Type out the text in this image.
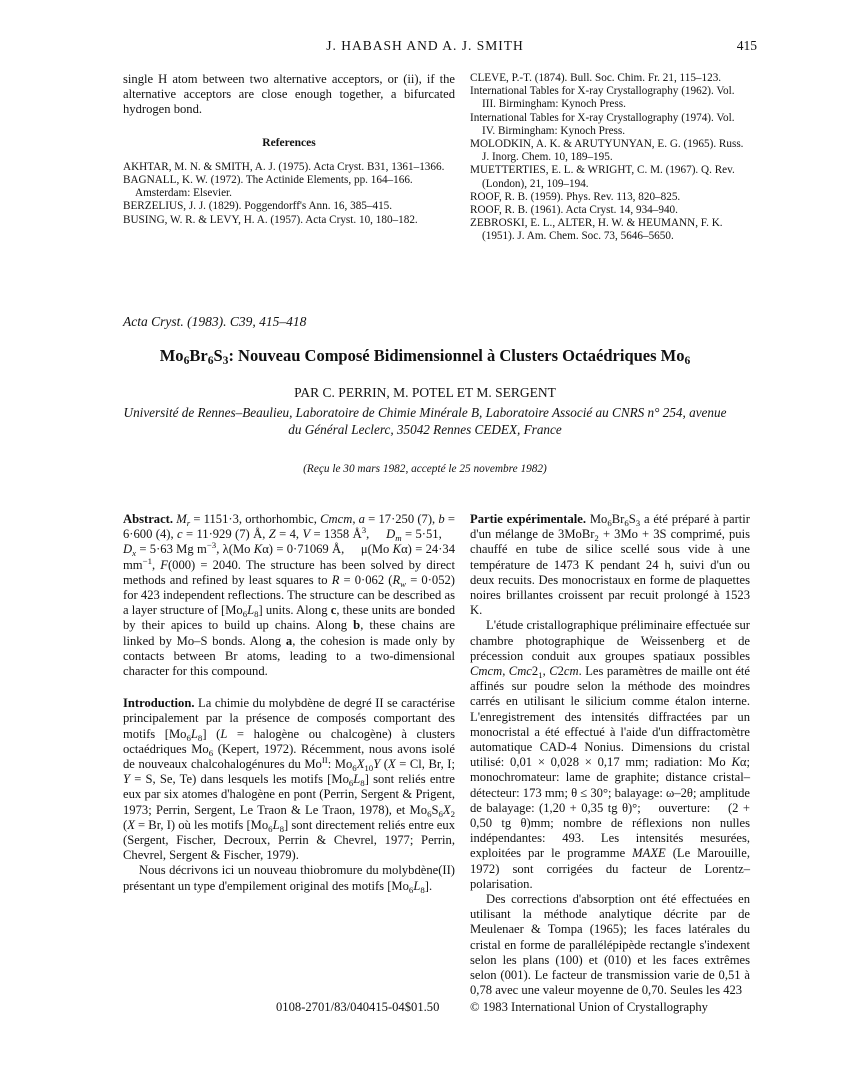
J. HABASH AND A. J. SMITH	415

single H atom between two alternative acceptors, or (ii), if the alternative acceptors are close enough together, a bifurcated hydrogen bond.

References
AKHTAR, M. N. & SMITH, A. J. (1975). Acta Cryst. B31, 1361–1366.
BAGNALL, K. W. (1972). The Actinide Elements, pp. 164–166. Amsterdam: Elsevier.
BERZELIUS, J. J. (1829). Poggendorff's Ann. 16, 385–415.
BUSING, W. R. & LEVY, H. A. (1957). Acta Cryst. 10, 180–182.
CLEVE, P.-T. (1874). Bull. Soc. Chim. Fr. 21, 115–123.
International Tables for X-ray Crystallography (1962). Vol. III. Birmingham: Kynoch Press.
International Tables for X-ray Crystallography (1974). Vol. IV. Birmingham: Kynoch Press.
MOLODKIN, A. K. & ARUTYUNYAN, E. G. (1965). Russ. J. Inorg. Chem. 10, 189–195.
MUETTERTIES, E. L. & WRIGHT, C. M. (1967). Q. Rev. (London), 21, 109–194.
ROOF, R. B. (1959). Phys. Rev. 113, 820–825.
ROOF, R. B. (1961). Acta Cryst. 14, 934–940.
ZEBROSKI, E. L., ALTER, H. W. & HEUMANN, F. K. (1951). J. Am. Chem. Soc. 73, 5646–5650.
Acta Cryst. (1983). C39, 415–418
$Mo_6Br_6S_3$: Nouveau Composé Bidimensionnel à Clusters Octaédriques $Mo_6$
PAR C. PERRIN, M. POTEL ET M. SERGENT
Université de Rennes–Beaulieu, Laboratoire de Chimie Minérale B, Laboratoire Associé au CNRS n° 254, avenue du Général Leclerc, 35042 Rennes CEDEX, France
(Reçu le 30 mars 1982, accepté le 25 novembre 1982)

Abstract. $M_r = 1151\cdot 3$, orthorhombic, Cmcm, a = 17·250 (7), b = 6·600 (4), c = 11·929 (7) Å, Z = 4, V = 1358 $Å^3$,     $D_m = 5\cdot 51$,     $D_x = 5\cdot 63$ Mg $m^{-3}$, λ(Mo Kα) = 0·71069 Å,     μ(Mo Kα) = 24·34 $mm^{-1}$, F(000) = 2040. The structure has been solved by direct methods and refined by least squares to R = 0·062 $(R_w = 0\cdot 052)$ for 423 independent reflections. The structure can be described as a layer structure of $[Mo_6L_8]$ units. Along c, these units are bonded by their apices to build up chains. Along b, these chains are linked by Mo–S bonds. Along a, the cohesion is made only by contacts between Br atoms, leading to a two-dimensional character for this compound.

Introduction. La chimie du molybdène de degré II se caractérise principalement par la présence de composés comportant des motifs $[Mo_6L_8] (L$ = halogène ou chalcogène) à clusters octaédriques $Mo_6$ (Kepert, 1972). Récemment, nous avons isolé de nouveaux chalcohalogénures du $Mo^{II}$: $Mo_6X_{10}Y$ (X = Cl, Br, I; Y = S, Se, Te) dans lesquels les motifs $[Mo_6L_8]$ sont reliés entre eux par six atomes d'halogène en pont (Perrin, Sergent & Prigent, 1973; Perrin, Sergent, Le Traon & Le Traon, 1978), et $Mo_6S_6X_2$ (X = Br, I) où les motifs $[Mo_6L_8]$ sont directement reliés entre eux (Sergent, Fischer, Decroux, Perrin & Chevrel, 1977; Perrin, Chevrel, Sergent & Fischer, 1979).

Nous décrivons ici un nouveau thiobromure du molybdène(II) présentant un type d'empilement original des motifs $[Mo_6L_8]$.

0108-2701/83/040415-04$01.50

Partie expérimentale. $Mo_6Br_6S_3$ a été préparé à partir d'un mélange de 3MoBr$_2$ + 3Mo + 3S comprimé, puis chauffé en tube de silice scellé sous vide à une température de 1473 K pendant 24 h, suivi d'un ou deux recuits. Des monocristaux en forme de plaquettes noires brillantes croissent par recuit prolongé à 1523 K.

L'étude cristallographique préliminaire effectuée sur chambre photographique de Weissenberg et de précession conduit aux groupes spatiaux possibles Cmcm, $Cmc2_1$, C2cm. Les paramètres de maille ont été affinés sur poudre selon la méthode des moindres carrés en utilisant le silicium comme étalon interne. L'enregistrement des intensités diffractées par un monocristal a été effectué à l'aide d'un diffractomètre automatique CAD-4 Nonius. Dimensions du cristal utilisé: 0,01 × 0,028 × 0,17 mm; radiation: Mo Kα; monochromateur: lame de graphite; distance cristal–détecteur: 173 mm; θ ≤ 30°; balayage: ω–2θ; amplitude de balayage: (1,20 + 0,35 tg θ)°;    ouverture:    (2 + 0,50 tg θ)mm; nombre de réflexions non nulles indépendantes: 493. Les intensités mesurées, exploitées par le programme MAXE (Le Marouille, 1972) sont corrigées du facteur de Lorentz–polarisation.

Des corrections d'absorption ont été effectuées en utilisant la méthode analytique décrite par de Meulenaer & Tompa (1965); les faces latérales du cristal en forme de parallélépipède rectangle s'indexent selon les plans (100) et (010) et les faces extrêmes selon (001). Le facteur de transmission varie de 0,51 à 0,78 avec une valeur moyenne de 0,70. Seules les 423

© 1983 International Union of Crystallography
